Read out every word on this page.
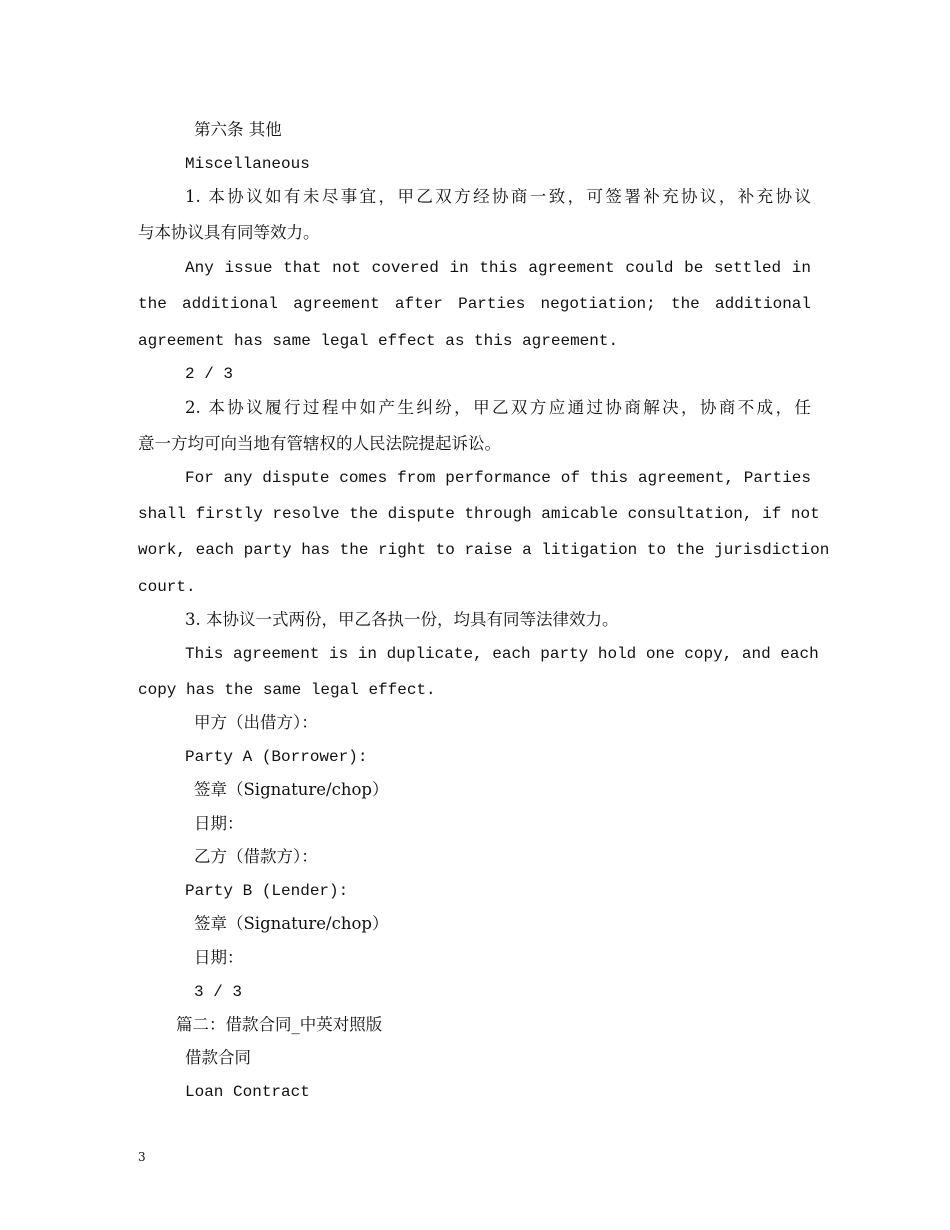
第六条 其他
Miscellaneous
1. 本协议如有未尽事宜，甲乙双方经协商一致，可签署补充协议，补充协议
与本协议具有同等效力。
Any issue that not covered in this agreement could be settled in
the additional agreement after Parties negotiation; the additional
agreement has same legal effect as this agreement.
2 / 3
2. 本协议履行过程中如产生纠纷，甲乙双方应通过协商解决，协商不成，任
意一方均可向当地有管辖权的人民法院提起诉讼。
For any dispute comes from performance of this agreement, Parties
shall firstly resolve the dispute through amicable consultation, if not
work, each party has the right to raise a litigation to the jurisdiction
court.
3. 本协议一式两份，甲乙各执一份，均具有同等法律效力。
This agreement is in duplicate, each party hold one copy, and each
copy has the same legal effect.
甲方（出借方）：
Party A (Borrower):
签章（Signature/chop）
日期：
乙方（借款方）：
Party B (Lender):
签章（Signature/chop）
日期：
3 / 3
篇二：借款合同_中英对照版
借款合同
Loan Contract
3
